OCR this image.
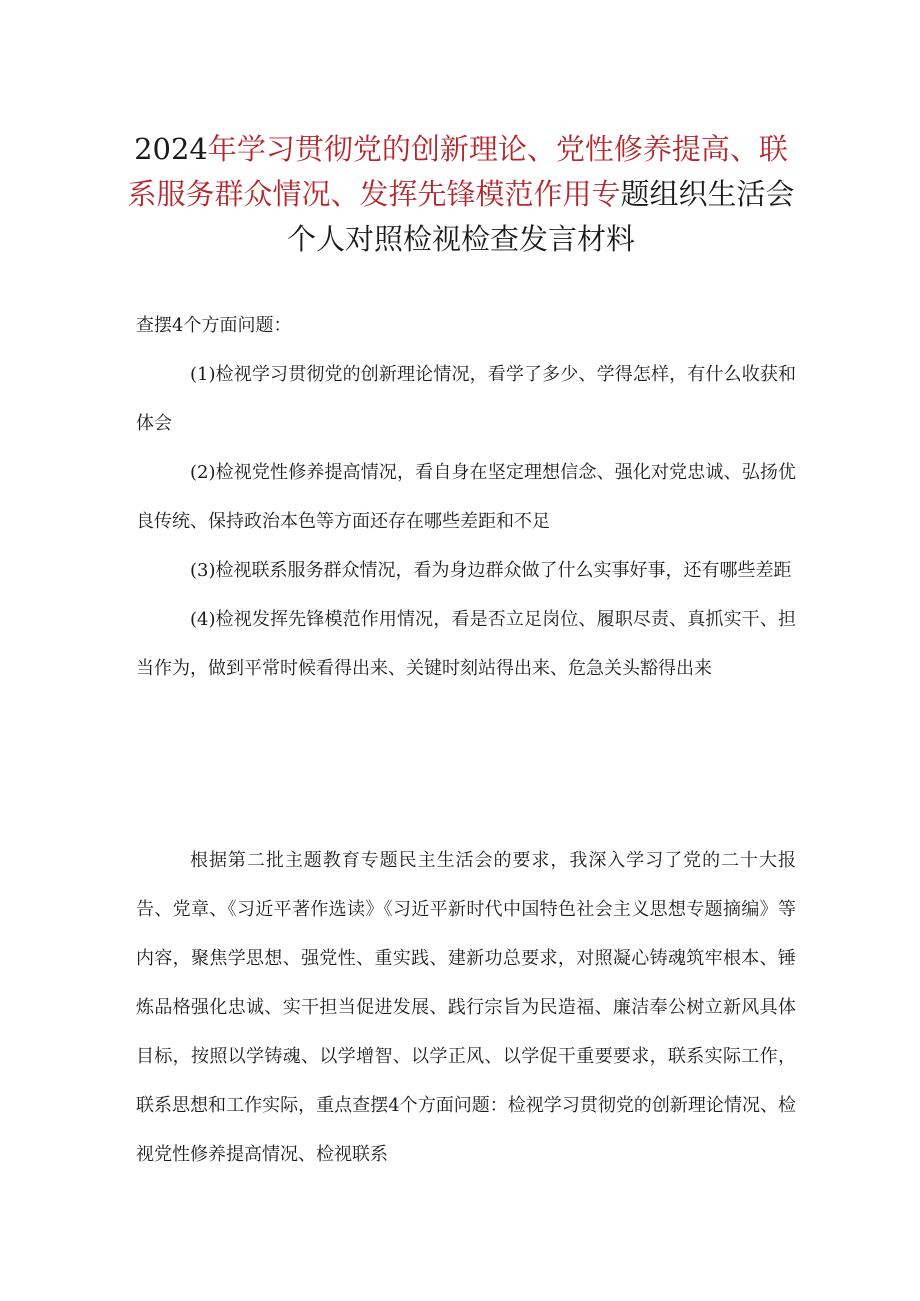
2024年学习贯彻党的创新理论、党性修养提高、联系服务群众情况、发挥先锋模范作用专题组织生活会个人对照检视检查发言材料

查摆4个方面问题：

(1)检视学习贯彻党的创新理论情况，看学了多少、学得怎样，有什么收获和体会

(2)检视党性修养提高情况，看自身在坚定理想信念、强化对党忠诚、弘扬优良传统、保持政治本色等方面还存在哪些差距和不足

(3)检视联系服务群众情况，看为身边群众做了什么实事好事，还有哪些差距

(4)检视发挥先锋模范作用情况，看是否立足岗位、履职尽责、真抓实干、担当作为，做到平常时候看得出来、关键时刻站得出来、危急关头豁得出来

根据第二批主题教育专题民主生活会的要求，我深入学习了党的二十大报告、党章、《习近平著作选读》《习近平新时代中国特色社会主义思想专题摘编》等内容，聚焦学思想、强党性、重实践、建新功总要求，对照凝心铸魂筑牢根本、锤炼品格强化忠诚、实干担当促进发展、践行宗旨为民造福、廉洁奉公树立新风具体目标，按照以学铸魂、以学增智、以学正风、以学促干重要要求，联系实际工作，联系思想和工作实际，重点查摆4个方面问题：检视学习贯彻党的创新理论情况、检视党性修养提高情况、检视联系
